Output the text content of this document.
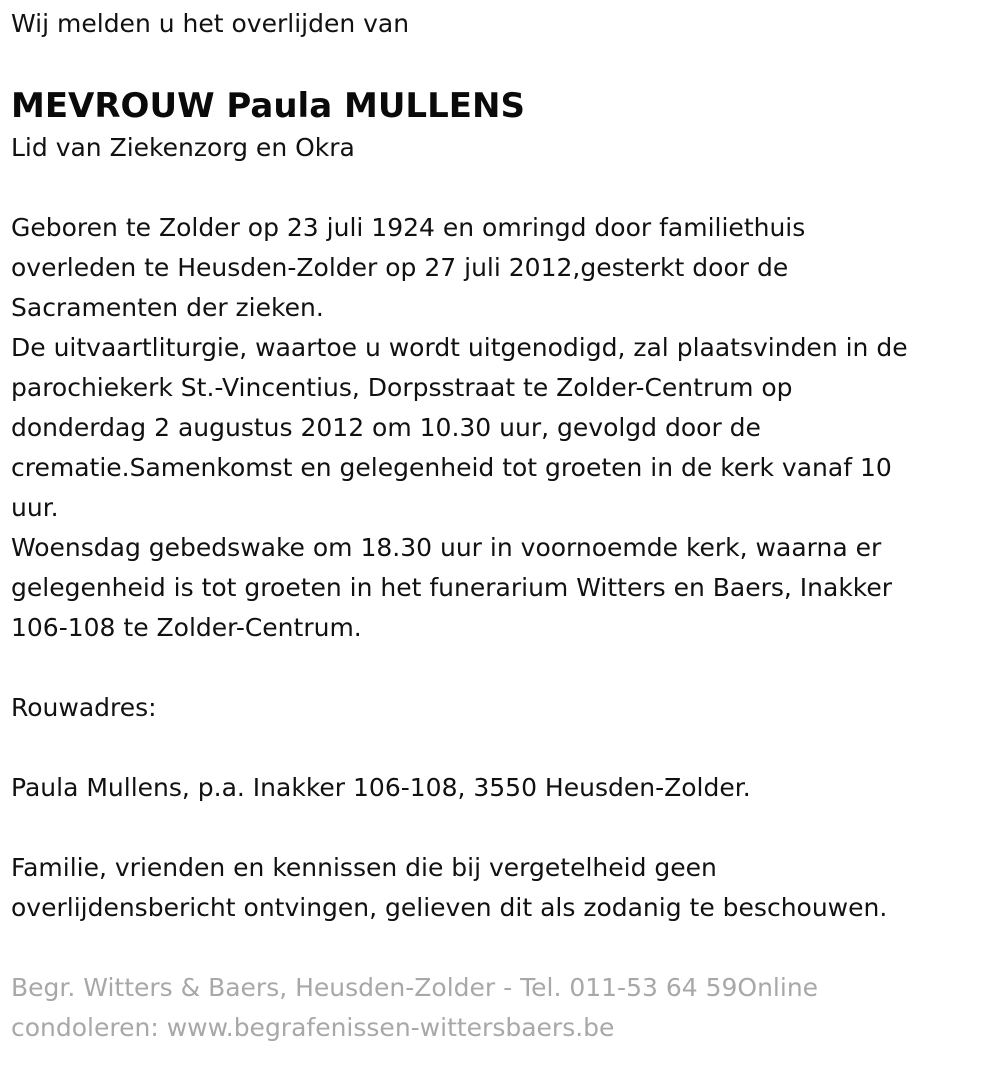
Wij melden u het overlijden van
MEVROUW Paula MULLENS
Lid van Ziekenzorg en Okra
Geboren te Zolder op 23 juli 1924 en omringd door familiethuis
overleden te Heusden-Zolder op 27 juli 2012,gesterkt door de
Sacramenten der zieken.
De uitvaartliturgie, waartoe u wordt uitgenodigd, zal plaatsvinden in de
parochiekerk St.-Vincentius, Dorpsstraat te Zolder-Centrum op
donderdag 2 augustus 2012 om 10.30 uur, gevolgd door de
crematie.Samenkomst en gelegenheid tot groeten in de kerk vanaf 10
uur.
Woensdag gebedswake om 18.30 uur in voornoemde kerk, waarna er
gelegenheid is tot groeten in het funerarium Witters en Baers, Inakker
106-108 te Zolder-Centrum.
Rouwadres:
Paula Mullens, p.a. Inakker 106-108, 3550 Heusden-Zolder.
Familie, vrienden en kennissen die bij vergetelheid geen
overlijdensbericht ontvingen, gelieven dit als zodanig te beschouwen.
Begr. Witters & Baers, Heusden-Zolder - Tel. 011-53 64 59Online
condoleren: www.begrafenissen-wittersbaers.be
